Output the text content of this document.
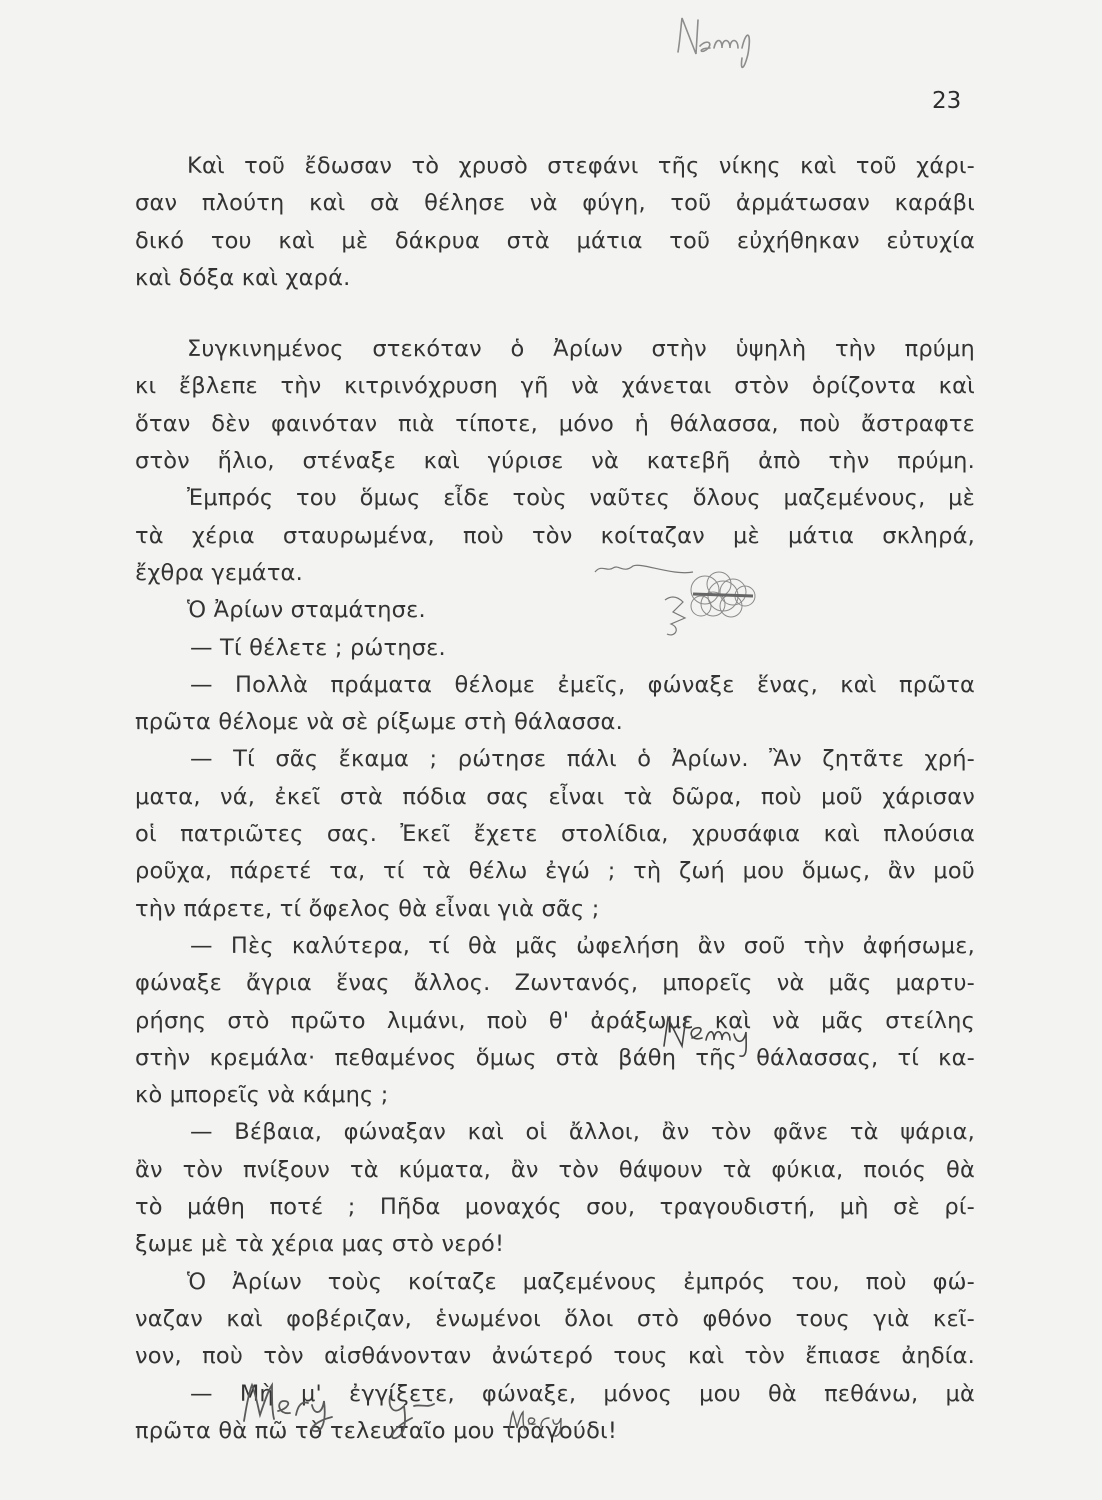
23
Καὶ τοῦ ἔδωσαν τὸ χρυσὸ στεφάνι τῆς νίκης καὶ τοῦ χάρι-
σαν πλούτη καὶ σὰ θέλησε νὰ φύγη, τοῦ ἀρμάτωσαν καράβι
δικό του καὶ μὲ δάκρυα στὰ μάτια τοῦ εὐχήθηκαν εὐτυχία
καὶ δόξα καὶ χαρά.
Συγκινημένος στεκόταν ὁ Ἀρίων στὴν ὑψηλὴ τὴν πρύμη
κι ἔβλεπε τὴν κιτρινόχρυση γῆ νὰ χάνεται στὸν ὁρίζοντα καὶ
ὅταν δὲν φαινόταν πιὰ τίποτε, μόνο ἡ θάλασσα, ποὺ ἄστραφτε
στὸν ἥλιο, στέναξε καὶ γύρισε νὰ κατεβῆ ἀπὸ τὴν πρύμη.
Ἐμπρός του ὅμως εἶδε τοὺς ναῦτες ὅλους μαζεμένους, μὲ
τὰ χέρια σταυρωμένα, ποὺ τὸν κοίταζαν μὲ μάτια σκληρά,
ἔχθρα γεμάτα.
Ὁ Ἀρίων σταμάτησε.
— Τί θέλετε ; ρώτησε.
— Πολλὰ πράματα θέλομε ἐμεῖς, φώναξε ἕνας, καὶ πρῶτα
πρῶτα θέλομε νὰ σὲ ρίξωμε στὴ θάλασσα.
— Τί σᾶς ἔκαμα ; ρώτησε πάλι ὁ Ἀρίων. Ἂν ζητᾶτε χρή-
ματα, νά, ἐκεῖ στὰ πόδια σας εἶναι τὰ δῶρα, ποὺ μοῦ χάρισαν
οἱ πατριῶτες σας. Ἐκεῖ ἔχετε στολίδια, χρυσάφια καὶ πλούσια
ροῦχα, πάρετέ τα, τί τὰ θέλω ἐγώ ; τὴ ζωή μου ὅμως, ἂν μοῦ
τὴν πάρετε, τί ὄφελος θὰ εἶναι γιὰ σᾶς ;
— Πὲς καλύτερα, τί θὰ μᾶς ὠφελήση ἂν σοῦ τὴν ἀφήσωμε,
φώναξε ἄγρια ἕνας ἄλλος. Ζωντανός, μπορεῖς νὰ μᾶς μαρτυ-
ρήσης στὸ πρῶτο λιμάνι, ποὺ θ' ἀράξωμε καὶ νὰ μᾶς στείλης
στὴν κρεμάλα· πεθαμένος ὅμως στὰ βάθη τῆς θάλασσας, τί κα-
κὸ μπορεῖς νὰ κάμης ;
— Βέβαια, φώναξαν καὶ οἱ ἄλλοι, ἂν τὸν φᾶνε τὰ ψάρια,
ἂν τὸν πνίξουν τὰ κύματα, ἂν τὸν θάψουν τὰ φύκια, ποιός θὰ
τὸ μάθη ποτέ ; Πῆδα μοναχός σου, τραγουδιστή, μὴ σὲ ρί-
ξωμε μὲ τὰ χέρια μας στὸ νερό!
Ὁ Ἀρίων τοὺς κοίταζε μαζεμένους ἐμπρός του, ποὺ φώ-
ναζαν καὶ φοβέριζαν, ἑνωμένοι ὅλοι στὸ φθόνο τους γιὰ κεῖ-
νον, ποὺ τὸν αἰσθάνονταν ἀνώτερό τους καὶ τὸν ἔπιασε ἀηδία.
— Μὴ μ' ἐγγίξετε, φώναξε, μόνος μου θὰ πεθάνω, μὰ
πρῶτα θὰ πῶ τὸ τελευταῖο μου τραγούδι!
